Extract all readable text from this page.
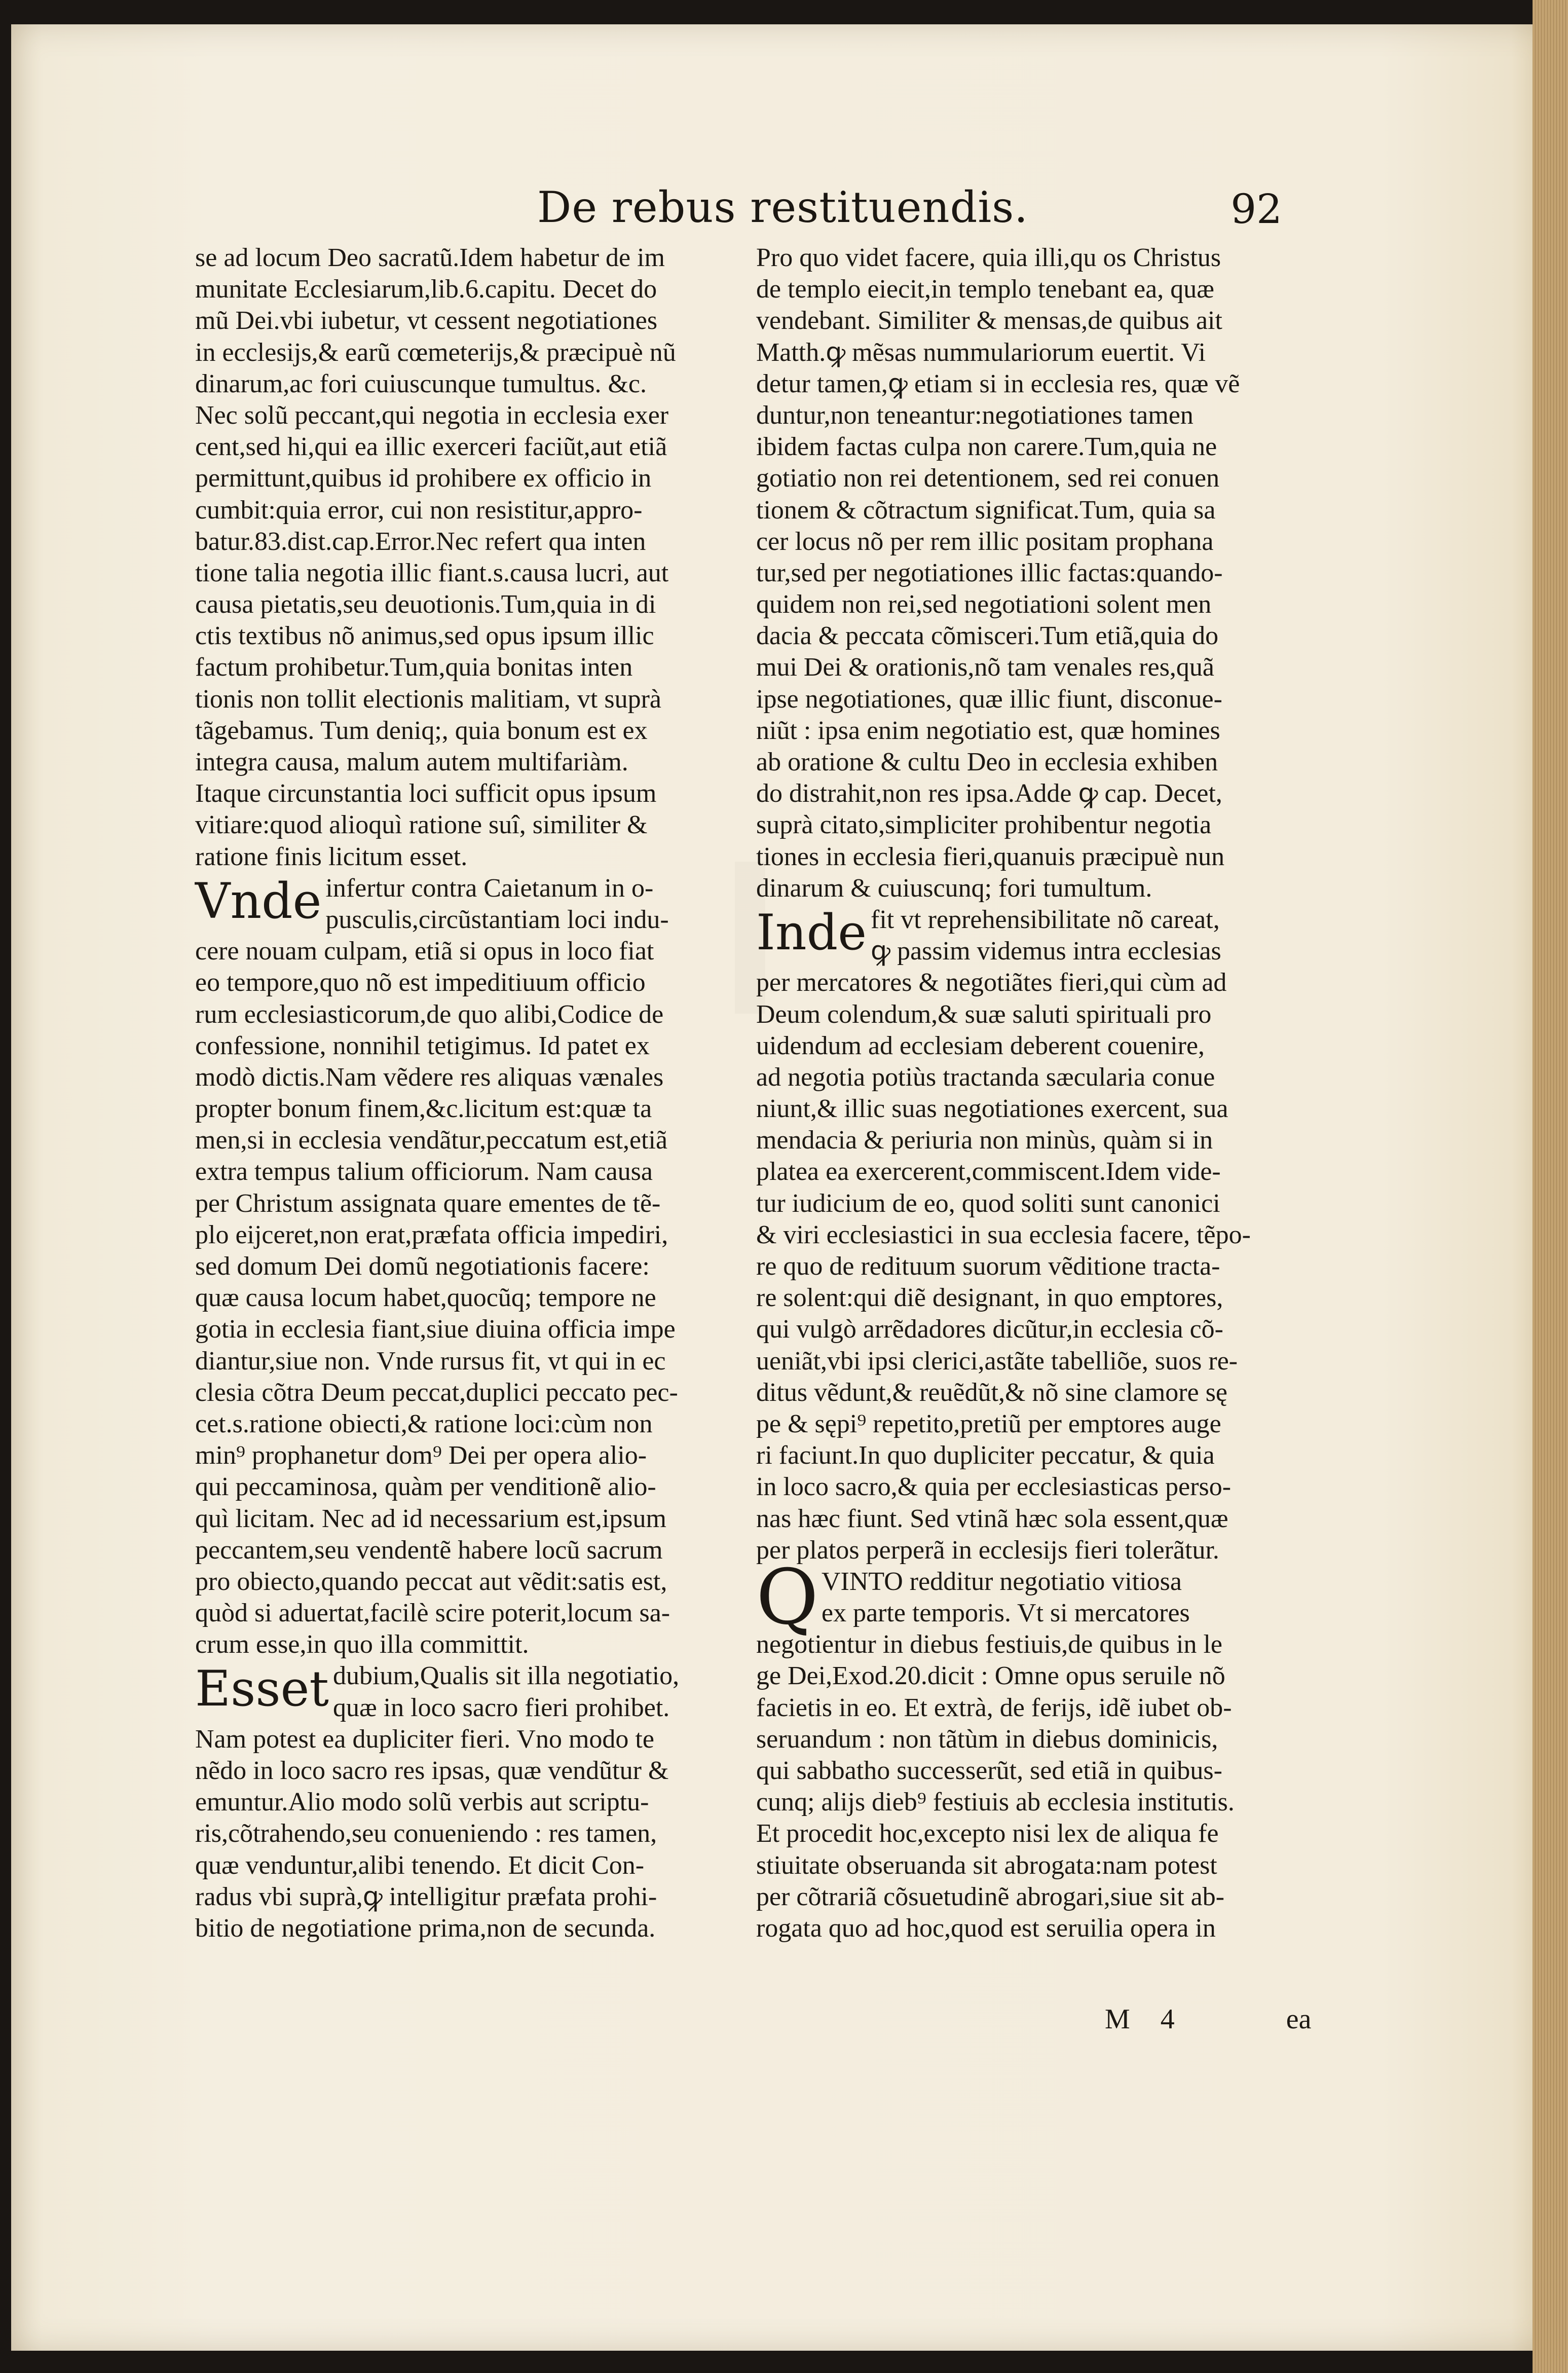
De rebus restituendis.	92
se ad locum Deo sacratũ.Idem habetur de im
munitate Ecclesiarum,lib.6.capitu. Decet do
mũ Dei.vbi iubetur, vt cessent negotiationes
in ecclesijs,& earũ cœmeterijs,& præcipuè nũ
dinarum,ac fori cuiuscunque tumultus. &c.
Nec solũ peccant,qui negotia in ecclesia exer
cent,sed hi,qui ea illic exerceri faciũt,aut etiã
permittunt,quibus id prohibere ex officio in
cumbit:quia error, cui non resistitur,appro-
batur.83.dist.cap.Error.Nec refert qua inten
tione talia negotia illic fiant.s.causa lucri, aut
causa pietatis,seu deuotionis.Tum,quia in di
ctis textibus nõ animus,sed opus ipsum illic
factum prohibetur.Tum,quia bonitas inten
tionis non tollit electionis malitiam, vt suprà
tãgebamus. Tum deniq;, quia bonum est ex
integra causa, malum autem multifariàm.
Itaque circunstantia loci sufficit opus ipsum
vitiare:quod alioquì ratione suî, similiter &
ratione finis licitum esset.
Vnde infertur contra Caietanum in o-
pusculis,circũstantiam loci indu-
cere nouam culpam, etiã si opus in loco fiat
eo tempore,quo nõ est impeditiuum officio
rum ecclesiasticorum,de quo alibi,Codice de
confessione, nonnihil tetigimus. Id patet ex
modò dictis.Nam vẽdere res aliquas vænales
propter bonum finem,&c.licitum est:quæ ta
men,si in ecclesia vendãtur,peccatum est,etiã
extra tempus talium officiorum. Nam causa
per Christum assignata quare ementes de tẽ-
plo eijceret,non erat,præfata officia impediri,
sed domum Dei domũ negotiationis facere:
quæ causa locum habet,quocũq; tempore ne
gotia in ecclesia fiant,siue diuina officia impe
diantur,siue non. Vnde rursus fit, vt qui in ec
clesia cõtra Deum peccat,duplici peccato pec-
cet.s.ratione obiecti,& ratione loci:cùm non
min⁹ prophanetur dom⁹ Dei per opera alio-
qui peccaminosa, quàm per venditionẽ alio-
quì licitam. Nec ad id necessarium est,ipsum
peccantem,seu vendentẽ habere locũ sacrum
pro obiecto,quando peccat aut vẽdit:satis est,
quòd si aduertat,facilè scire poterit,locum sa-
crum esse,in quo illa committit.
Esset dubium,Qualis sit illa negotiatio,
quæ in loco sacro fieri prohibet.
Nam potest ea dupliciter fieri. Vno modo te
nẽdo in loco sacro res ipsas, quæ vendũtur &
emuntur.Alio modo solũ verbis aut scriptu-
ris,cõtrahendo,seu conueniendo : res tamen,
quæ venduntur,alibi tenendo. Et dicit Con-
radus vbi suprà,ꝙ intelligitur præfata prohi-
bitio de negotiatione prima,non de secunda.
Pro quo videt facere, quia illi,qu os Christus
de templo eiecit,in templo tenebant ea, quæ
vendebant. Similiter & mensas,de quibus ait
Matth.ꝙ mẽsas nummulariorum euertit. Vi
detur tamen,ꝙ etiam si in ecclesia res, quæ vẽ
duntur,non teneantur:negotiationes tamen
ibidem factas culpa non carere.Tum,quia ne
gotiatio non rei detentionem, sed rei conuen
tionem & cõtractum significat.Tum, quia sa
cer locus nõ per rem illic positam prophana
tur,sed per negotiationes illic factas:quando-
quidem non rei,sed negotiationi solent men
dacia & peccata cõmisceri.Tum etiã,quia do
mui Dei & orationis,nõ tam venales res,quã
ipse negotiationes, quæ illic fiunt, disconue-
niũt : ipsa enim negotiatio est, quæ homines
ab oratione & cultu Deo in ecclesia exhiben
do distrahit,non res ipsa.Adde ꝙ cap. Decet,
suprà citato,simpliciter prohibentur negotia
tiones in ecclesia fieri,quanuis præcipuè nun
dinarum & cuiuscunq; fori tumultum.
Inde fit vt reprehensibilitate nõ careat,
ꝙ passim videmus intra ecclesias
per mercatores & negotiãtes fieri,qui cùm ad
Deum colendum,& suæ saluti spirituali pro
uidendum ad ecclesiam deberent couenire,
ad negotia potiùs tractanda sæcularia conue
niunt,& illic suas negotiationes exercent, sua
mendacia & periuria non minùs, quàm si in
platea ea exercerent,commiscent.Idem vide-
tur iudicium de eo, quod soliti sunt canonici
& viri ecclesiastici in sua ecclesia facere, tẽpo-
re quo de redituum suorum vẽditione tracta-
re solent:qui diẽ designant, in quo emptores,
qui vulgò arrẽdadores dicũtur,in ecclesia cõ-
ueniãt,vbi ipsi clerici,astãte tabelliõe, suos re-
ditus vẽdunt,& reuẽdũt,& nõ sine clamore sę
pe & sępi⁹ repetito,pretiũ per emptores auge
ri faciunt.In quo dupliciter peccatur, & quia
in loco sacro,& quia per ecclesiasticas perso-
nas hæc fiunt. Sed vtinã hæc sola essent,quæ
per platos perperã in ecclesijs fieri tolerãtur.
Q VINTO redditur negotiatio vitiosa
ex parte temporis. Vt si mercatores
negotientur in diebus festiuis,de quibus in le
ge Dei,Exod.20.dicit : Omne opus seruile nõ
facietis in eo. Et extrà, de ferijs, idẽ iubet ob-
seruandum : non tãtùm in diebus dominicis,
qui sabbatho successerũt, sed etiã in quibus-
cunq; alijs dieb⁹ festiuis ab ecclesia institutis.
Et procedit hoc,excepto nisi lex de aliqua fe
stiuitate obseruanda sit abrogata:nam potest
per cõtrariã cõsuetudinẽ abrogari,siue sit ab-
rogata quo ad hoc,quod est seruilia opera in
M 4	ea
